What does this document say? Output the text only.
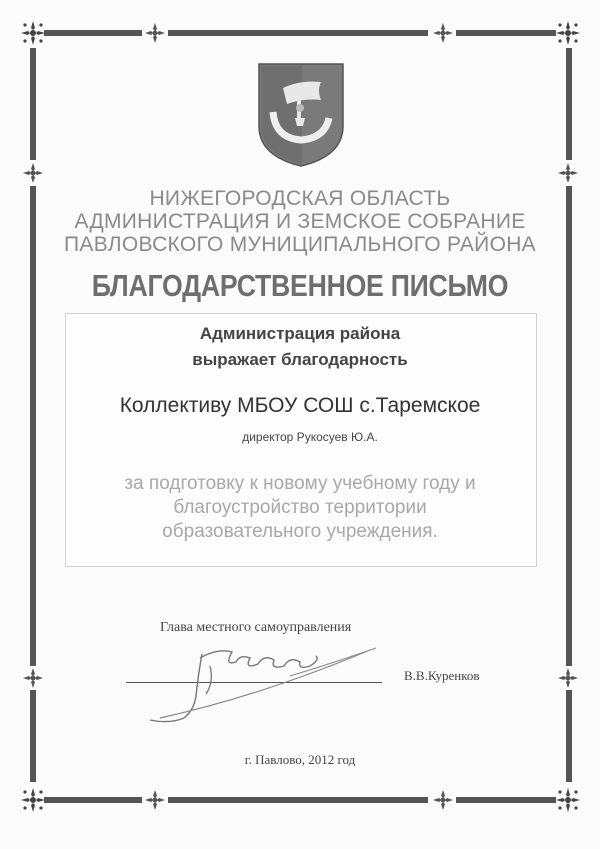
НИЖЕГОРОДСКАЯ ОБЛАСТЬ
АДМИНИСТРАЦИЯ И ЗЕМСКОЕ СОБРАНИЕ
ПАВЛОВСКОГО МУНИЦИПАЛЬНОГО РАЙОНА
БЛАГОДАРСТВЕННОЕ ПИСЬМО
Администрация района
выражает благодарность
Коллективу МБОУ СОШ с.Таремское
директор Рукосуев Ю.А.
за подготовку к новому учебному году и
благоустройство территории
образовательного учреждения.
Глава местного самоуправления
В.В.Куренков
г. Павлово, 2012 год
